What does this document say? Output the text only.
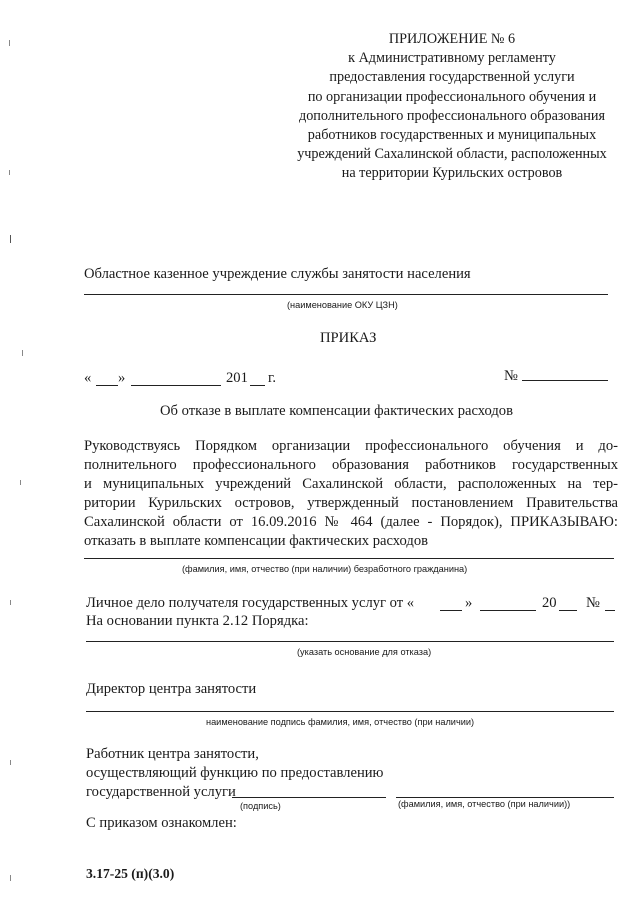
ПРИЛОЖЕНИЕ № 6
к Административному регламенту
предоставления государственной услуги
по организации профессионального обучения и
дополнительного профессионального образования
работников государственных и муниципальных
учреждений Сахалинской области, расположенных
на территории Курильских островов
Областное казенное учреждение службы занятости населения
(наименование ОКУ ЦЗН)
ПРИКАЗ
« »	201 г.	№
Об отказе в выплате компенсации фактических расходов
Руководствуясь Порядком организации профессионального обучения и до-
полнительного профессионального образования работников государственных
и муниципальных учреждений Сахалинской области, расположенных на тер-
ритории Курильских островов, утвержденный постановлением Правительства
Сахалинской области от 16.09.2016 № 464 (далее - Порядок), ПРИКАЗЫВАЮ:
отказать в выплате компенсации фактических расходов
(фамилия, имя, отчество (при наличии) безработного гражданина)
Личное дело получателя государственных услуг от «	»	20 №
На основании пункта 2.12 Порядка:
(указать основание для отказа)
Директор центра занятости
наименование подпись фамилия, имя, отчество (при наличии)
Работник центра занятости,
осуществляющий функцию по предоставлению
государственной услуги
(подпись)	(фамилия, имя, отчество (при наличии))
С приказом ознакомлен:
3.17-25 (п)(3.0)
